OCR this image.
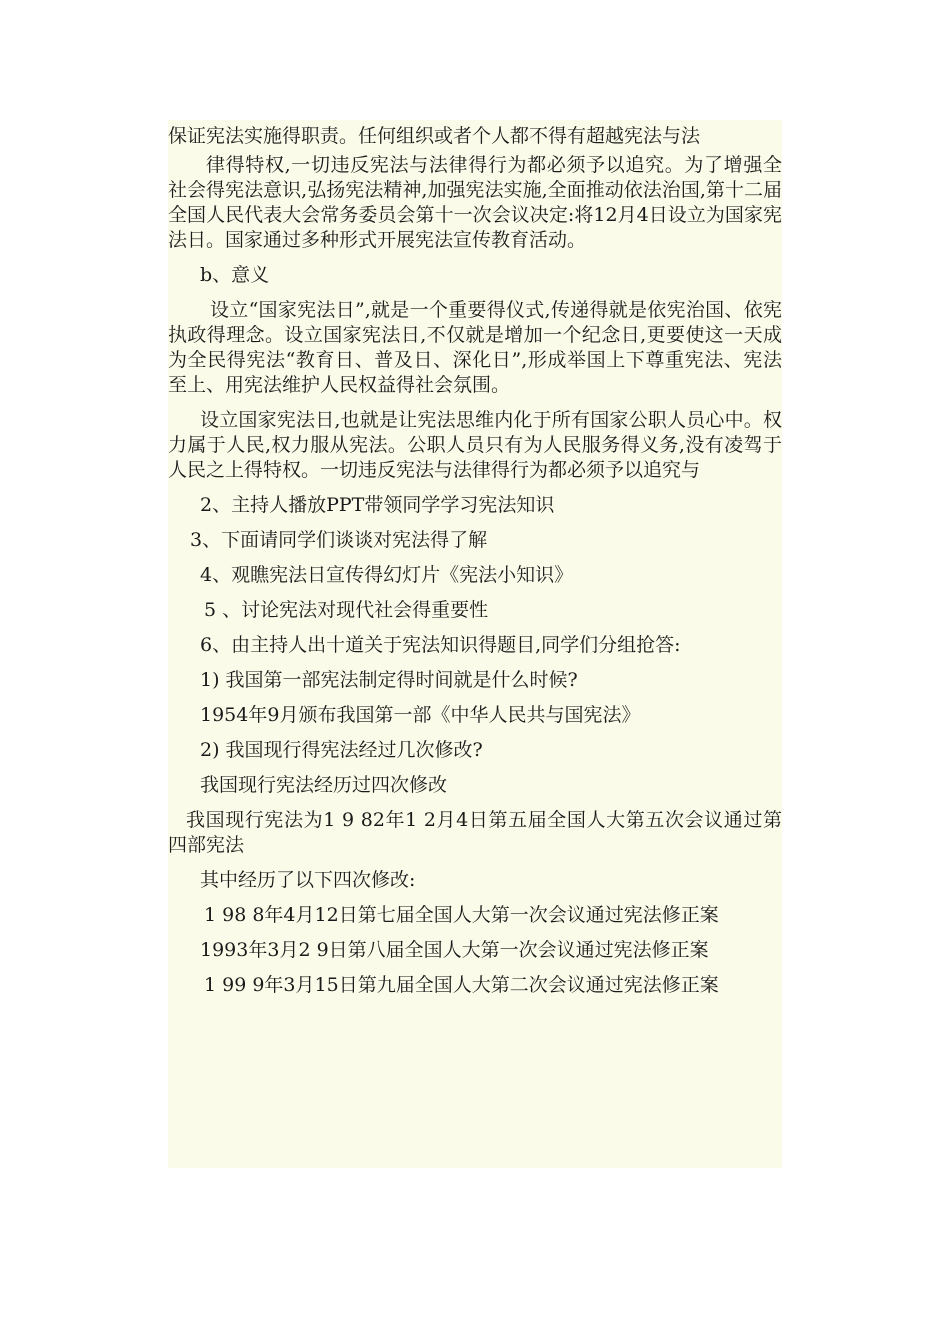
保证宪法实施得职责。任何组织或者个人都不得有超越宪法与法

律得特权,一切违反宪法与法律得行为都必须予以追究。为了增强全社会得宪法意识,弘扬宪法精神,加强宪法实施,全面推动依法治国,第十二届全国人民代表大会常务委员会第十一次会议决定:将12月4日设立为国家宪法日。国家通过多种形式开展宪法宣传教育活动。

b、意义

设立“国家宪法日”,就是一个重要得仪式,传递得就是依宪治国、依宪执政得理念。设立国家宪法日,不仅就是增加一个纪念日,更要使这一天成为全民得宪法“教育日、普及日、深化日”,形成举国上下尊重宪法、宪法至上、用宪法维护人民权益得社会氛围。

设立国家宪法日,也就是让宪法思维内化于所有国家公职人员心中。权力属于人民,权力服从宪法。公职人员只有为人民服务得义务,没有凌驾于人民之上得特权。一切违反宪法与法律得行为都必须予以追究与

2、主持人播放PPT带领同学学习宪法知识

3、下面请同学们谈谈对宪法得了解

4、观瞧宪法日宣传得幻灯片《宪法小知识》

5 、讨论宪法对现代社会得重要性

6、由主持人出十道关于宪法知识得题目,同学们分组抢答:

1) 我国第一部宪法制定得时间就是什么时候?

1954年9月颁布我国第一部《中华人民共与国宪法》

2) 我国现行得宪法经过几次修改?

我国现行宪法经历过四次修改

我国现行宪法为1 9 82年1 2月4日第五届全国人大第五次会议通过第四部宪法

其中经历了以下四次修改:

1 98 8年4月12日第七届全国人大第一次会议通过宪法修正案

1993年3月2 9日第八届全国人大第一次会议通过宪法修正案

1 99 9年3月15日第九届全国人大第二次会议通过宪法修正案
